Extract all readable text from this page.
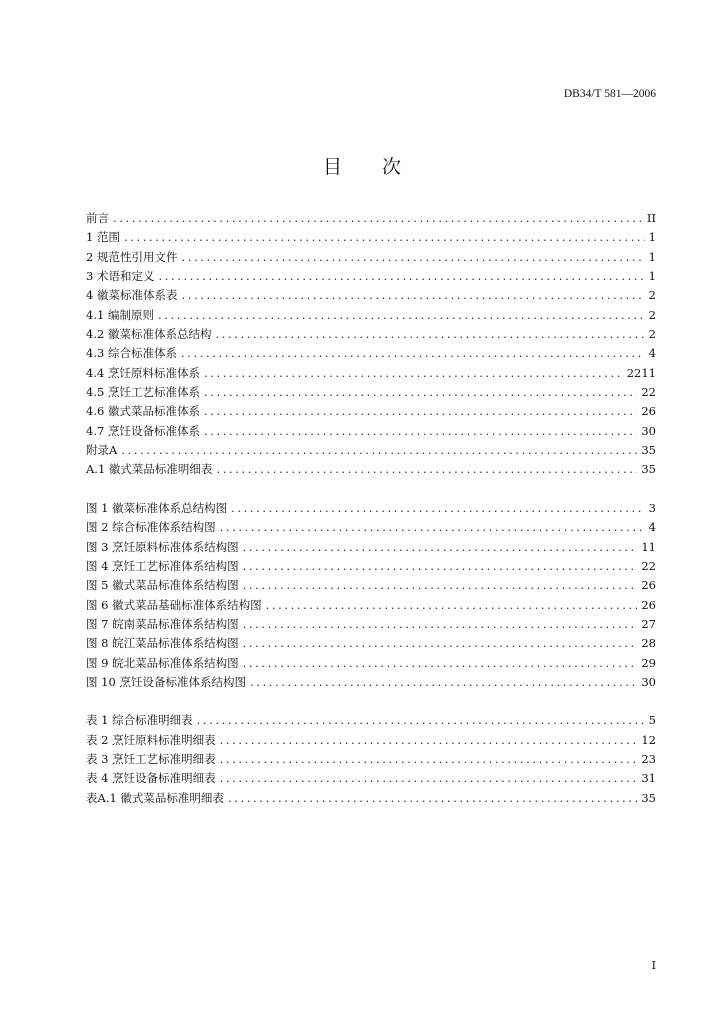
DB34/T 581—2006
目 次
前言 .....	II
1 范围 .....	1
2 规范性引用文件 .....	1
3 术语和定义 .....	1
4 徽菜标准体系表 .....	2
4.1 编制原则 .....	2
4.2 徽菜标准体系总结构 .....	2
4.3 综合标准体系 .....	4
4.4 烹饪原料标准体系 .....	2211
4.5 烹饪工艺标准体系 .....	22
4.6 徽式菜品标准体系 .....	26
4.7 烹饪设备标准体系 .....	30
附录A .....	35
A.1 徽式菜品标准明细表 .....	35
图 1 徽菜标准体系总结构图 .....	3
图 2 综合标准体系结构图 .....	4
图 3 烹饪原料标准体系结构图 .....	11
图 4 烹饪工艺标准体系结构图 .....	22
图 5 徽式菜品标准体系结构图 .....	26
图 6 徽式菜品基础标准体系结构图 .....	26
图 7 皖南菜品标准体系结构图 .....	27
图 8 皖江菜品标准体系结构图 .....	28
图 9 皖北菜品标准体系结构图 .....	29
图 10 烹饪设备标准体系结构图 .....	30
表 1 综合标准明细表 .....	5
表 2 烹饪原料标准明细表 .....	12
表 3 烹饪工艺标准明细表 .....	23
表 4 烹饪设备标准明细表 .....	31
表A.1 徽式菜品标准明细表 .....	35
I
